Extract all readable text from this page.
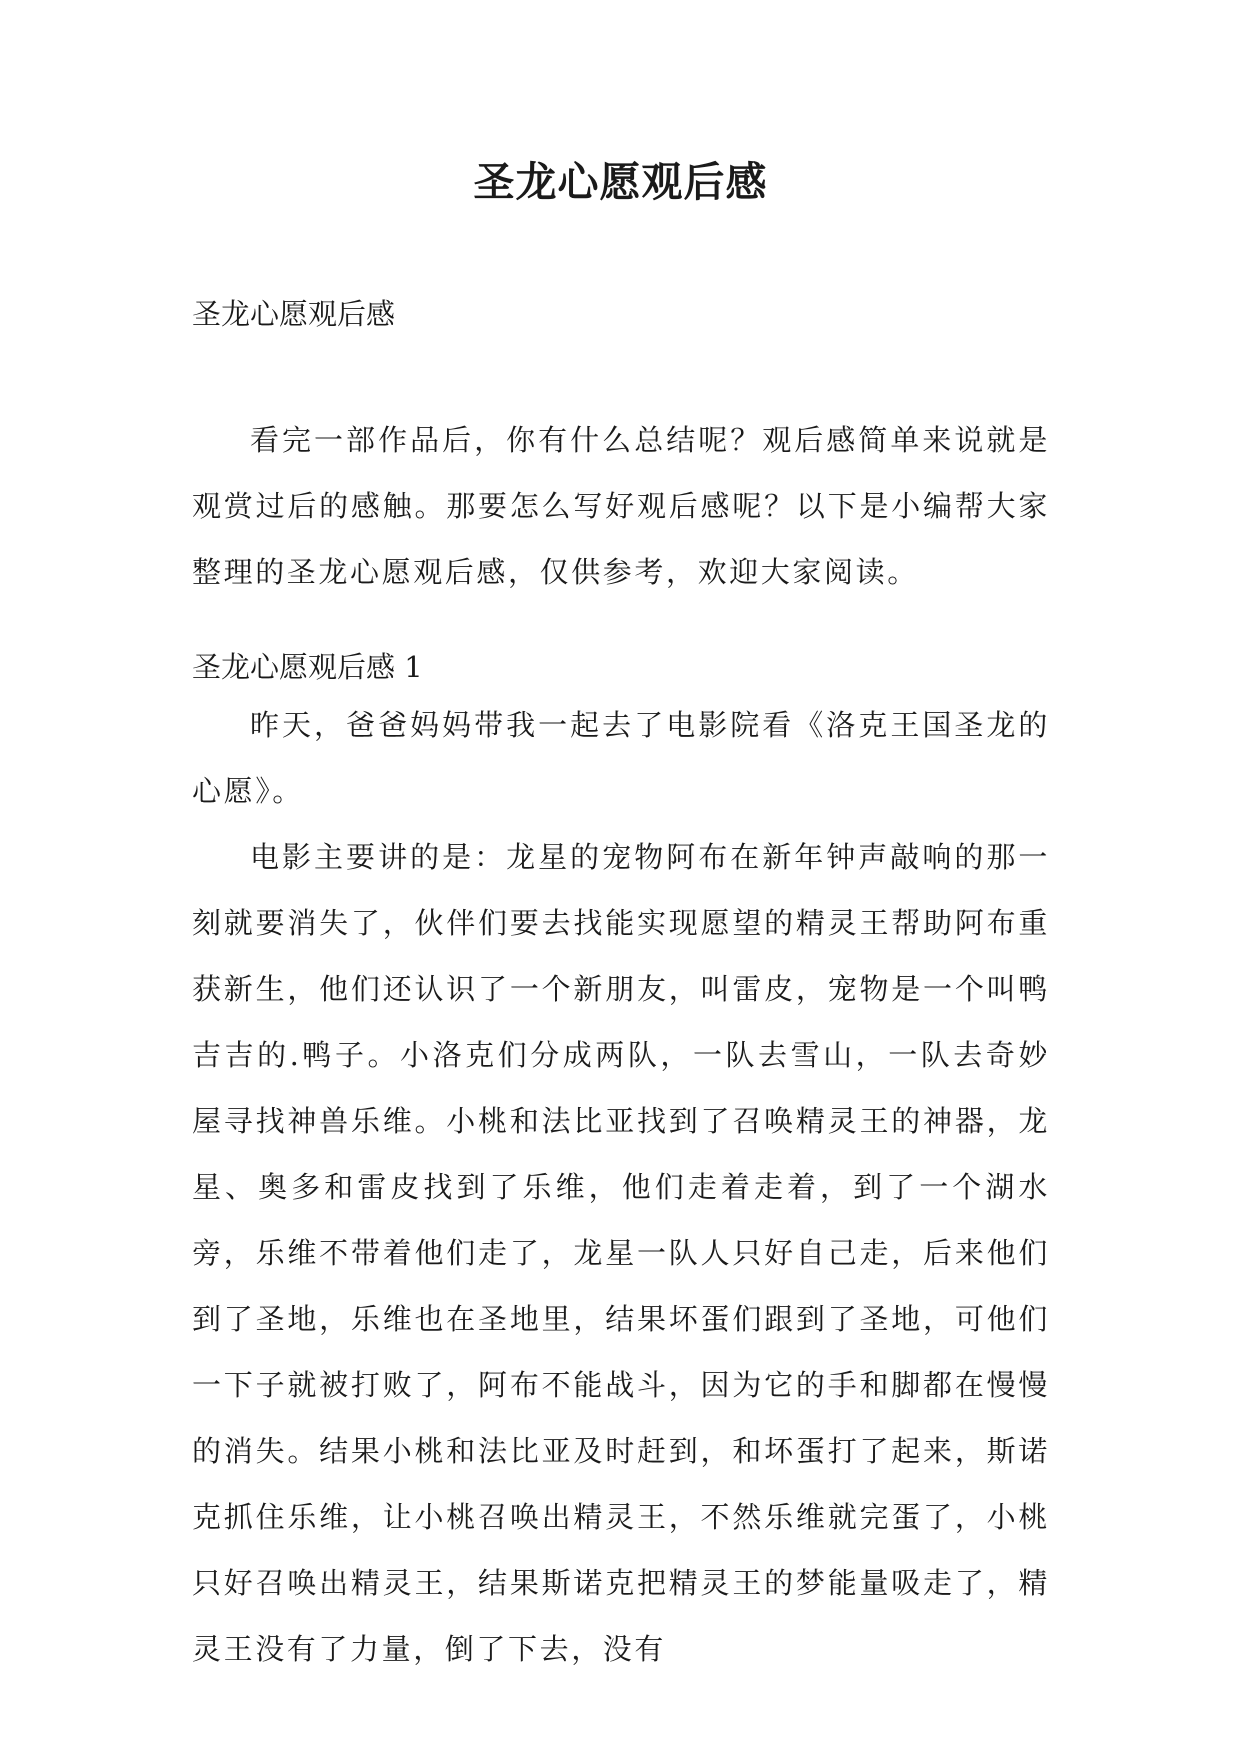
圣龙心愿观后感

圣龙心愿观后感

看完一部作品后，你有什么总结呢？观后感简单来说就是观赏过后的感触。那要怎么写好观后感呢？以下是小编帮大家整理的圣龙心愿观后感，仅供参考，欢迎大家阅读。

圣龙心愿观后感 1

昨天，爸爸妈妈带我一起去了电影院看《洛克王国圣龙的心愿》。

电影主要讲的是：龙星的宠物阿布在新年钟声敲响的那一刻就要消失了，伙伴们要去找能实现愿望的精灵王帮助阿布重获新生，他们还认识了一个新朋友，叫雷皮，宠物是一个叫鸭吉吉的.鸭子。小洛克们分成两队，一队去雪山，一队去奇妙屋寻找神兽乐维。小桃和法比亚找到了召唤精灵王的神器，龙星、奥多和雷皮找到了乐维，他们走着走着，到了一个湖水旁，乐维不带着他们走了，龙星一队人只好自己走，后来他们到了圣地，乐维也在圣地里，结果坏蛋们跟到了圣地，可他们一下子就被打败了，阿布不能战斗，因为它的手和脚都在慢慢的消失。结果小桃和法比亚及时赶到，和坏蛋打了起来，斯诺克抓住乐维，让小桃召唤出精灵王，不然乐维就完蛋了，小桃只好召唤出精灵王，结果斯诺克把精灵王的梦能量吸走了，精灵王没有了力量，倒了下去，没有
